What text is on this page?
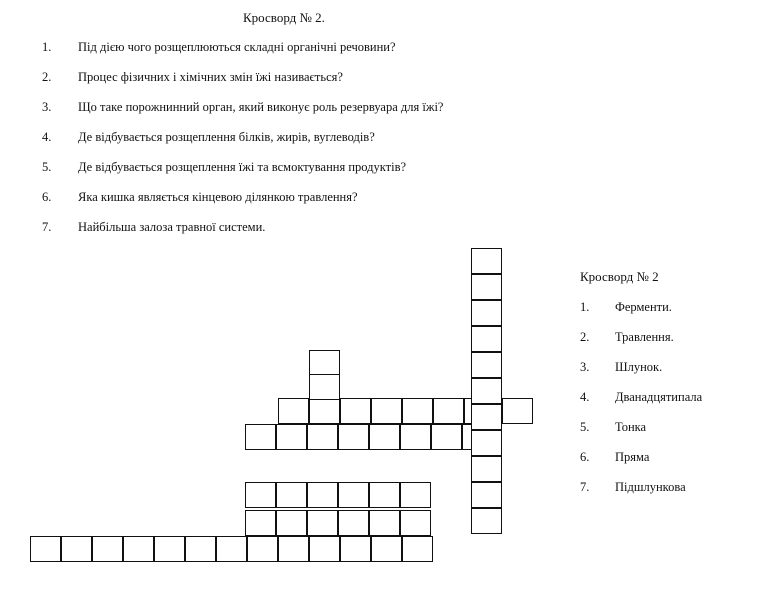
Кросворд № 2.
1. Під дією чого розщеплюються складні органічні речовини?
2. Процес фізичних і хімічних змін їжі називається?
3. Що таке порожнинний орган, який виконує роль резервуара для їжі?
4. Де відбувається розщеплення білків, жирів, вуглеводів?
5. Де відбувається розщеплення їжі та всмоктування продуктів?
6. Яка кишка являється кінцевою ділянкою травлення?
7. Найбільша залоза травної системи.
Кросворд № 2
1. Ферменти.
2. Травлення.
3. Шлунок.
4. Дванадцятипала
5. Тонка
6. Пряма
7. Підшлункова
